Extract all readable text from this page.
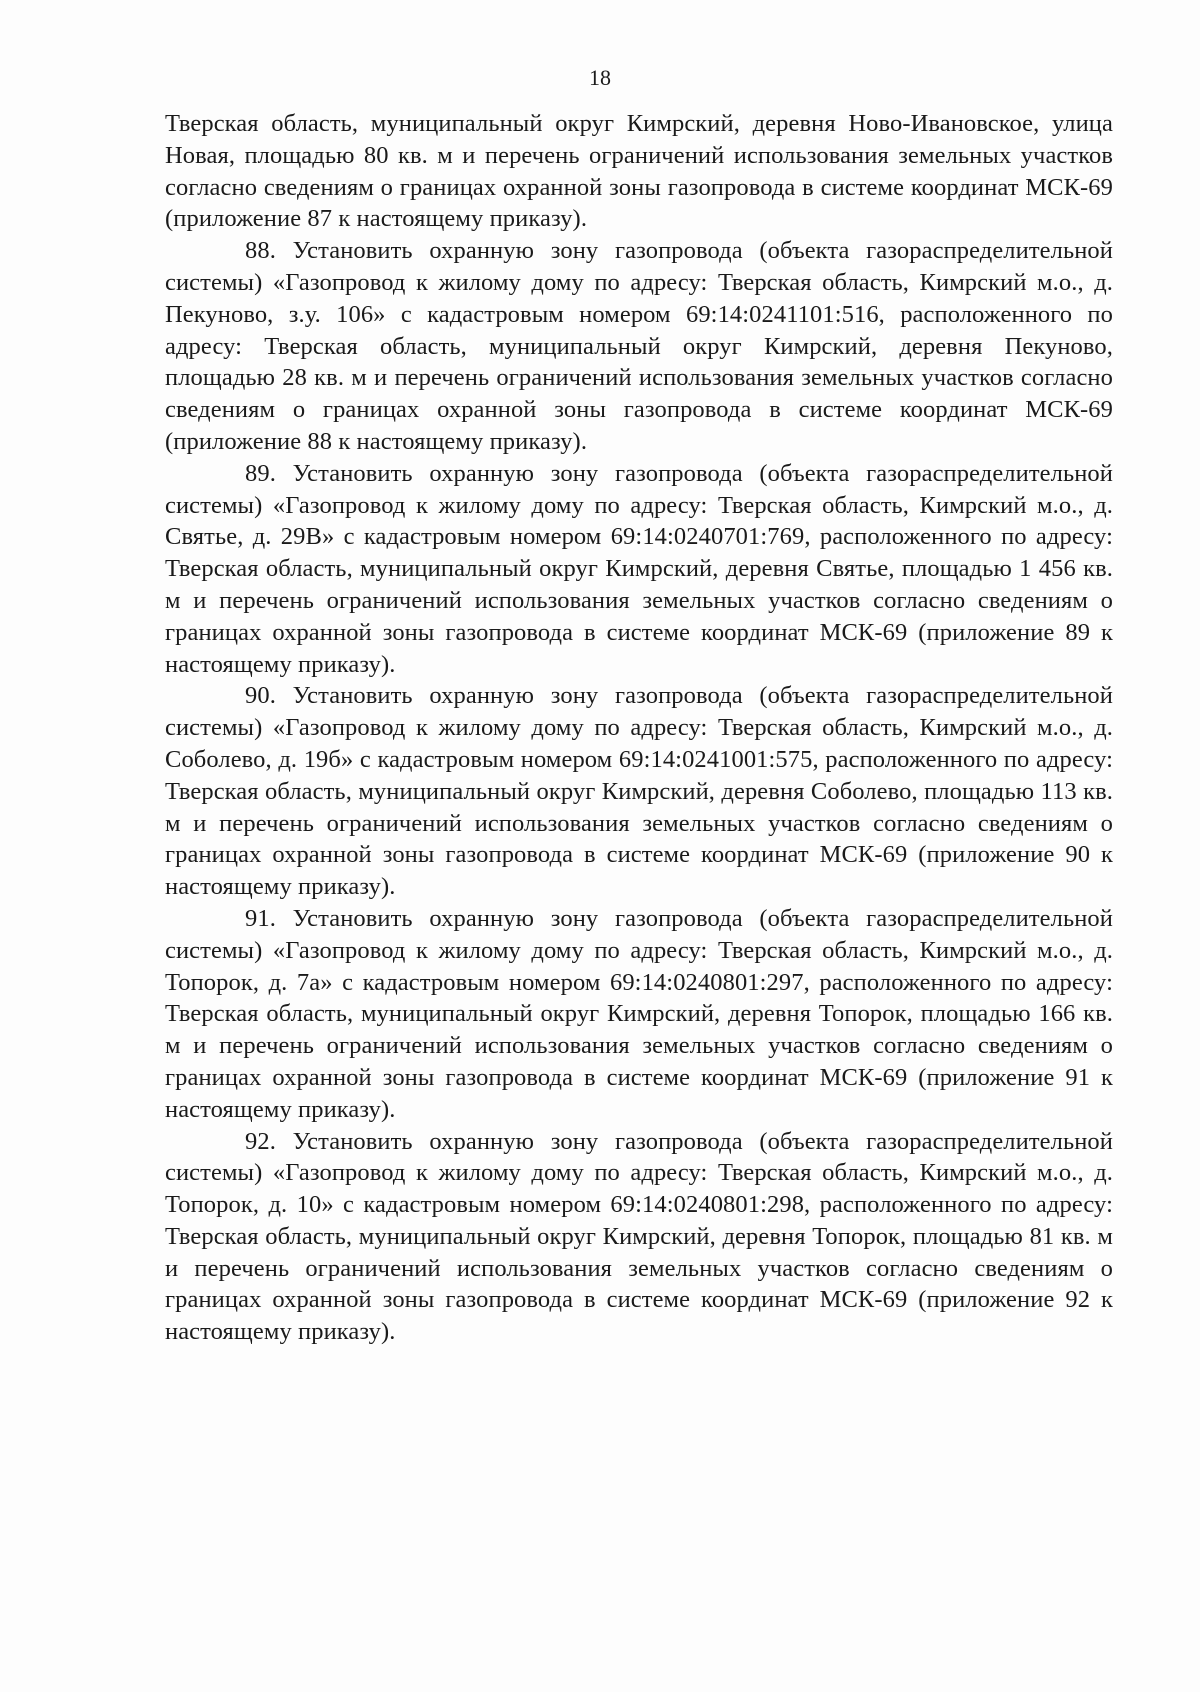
18

Тверская область, муниципальный округ Кимрский, деревня Ново-Ивановское, улица Новая, площадью 80 кв. м и перечень ограничений использования земельных участков согласно сведениям о границах охранной зоны газопровода в системе координат МСК-69 (приложение 87 к настоящему приказу).

88. Установить охранную зону газопровода (объекта газораспределительной системы) «Газопровод к жилому дому по адресу: Тверская область, Кимрский м.о., д. Пекуново, з.у. 106» с кадастровым номером 69:14:0241101:516, расположенного по адресу: Тверская область, муниципальный округ Кимрский, деревня Пекуново, площадью 28 кв. м и перечень ограничений использования земельных участков согласно сведениям о границах охранной зоны газопровода в системе координат МСК-69 (приложение 88 к настоящему приказу).

89. Установить охранную зону газопровода (объекта газораспределительной системы) «Газопровод к жилому дому по адресу: Тверская область, Кимрский м.о., д. Святье, д. 29В» с кадастровым номером 69:14:0240701:769, расположенного по адресу: Тверская область, муниципальный округ Кимрский, деревня Святье, площадью 1 456 кв. м и перечень ограничений использования земельных участков согласно сведениям о границах охранной зоны газопровода в системе координат МСК-69 (приложение 89 к настоящему приказу).

90. Установить охранную зону газопровода (объекта газораспределительной системы) «Газопровод к жилому дому по адресу: Тверская область, Кимрский м.о., д. Соболево, д. 19б» с кадастровым номером 69:14:0241001:575, расположенного по адресу: Тверская область, муниципальный округ Кимрский, деревня Соболево, площадью 113 кв. м и перечень ограничений использования земельных участков согласно сведениям о границах охранной зоны газопровода в системе координат МСК-69 (приложение 90 к настоящему приказу).

91. Установить охранную зону газопровода (объекта газораспределительной системы) «Газопровод к жилому дому по адресу: Тверская область, Кимрский м.о., д. Топорок, д. 7а» с кадастровым номером 69:14:0240801:297, расположенного по адресу: Тверская область, муниципальный округ Кимрский, деревня Топорок, площадью 166 кв. м и перечень ограничений использования земельных участков согласно сведениям о границах охранной зоны газопровода в системе координат МСК-69 (приложение 91 к настоящему приказу).

92. Установить охранную зону газопровода (объекта газораспределительной системы) «Газопровод к жилому дому по адресу: Тверская область, Кимрский м.о., д. Топорок, д. 10» с кадастровым номером 69:14:0240801:298, расположенного по адресу: Тверская область, муниципальный округ Кимрский, деревня Топорок, площадью 81 кв. м и перечень ограничений использования земельных участков согласно сведениям о границах охранной зоны газопровода в системе координат МСК-69 (приложение 92 к настоящему приказу).
